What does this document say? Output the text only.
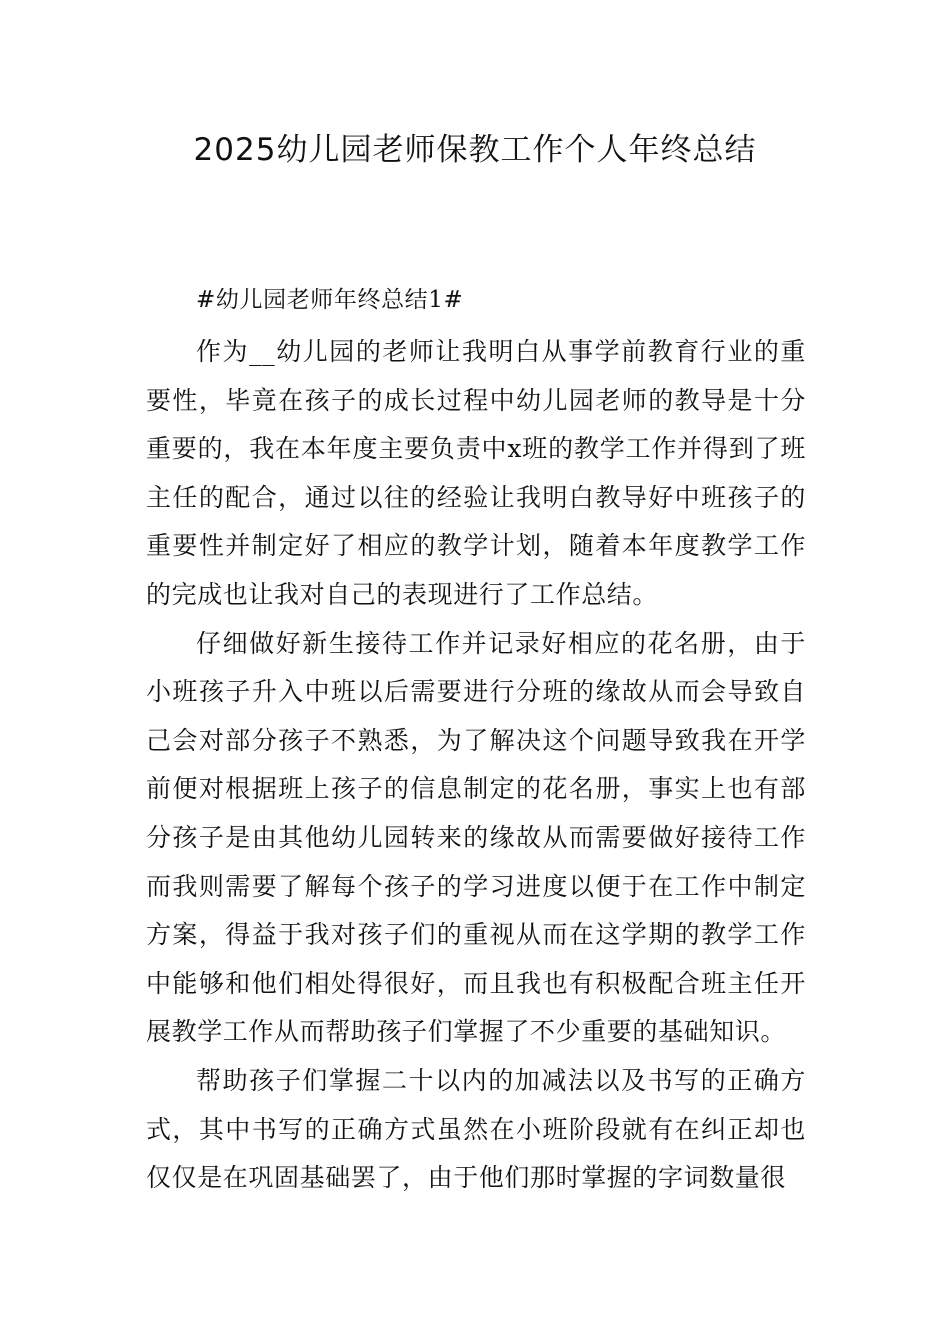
2025幼儿园老师保教工作个人年终总结

#幼儿园老师年终总结1#

作为__幼儿园的老师让我明白从事学前教育行业的重要性，毕竟在孩子的成长过程中幼儿园老师的教导是十分重要的，我在本年度主要负责中x班的教学工作并得到了班主任的配合，通过以往的经验让我明白教导好中班孩子的重要性并制定好了相应的教学计划，随着本年度教学工作的完成也让我对自己的表现进行了工作总结。

仔细做好新生接待工作并记录好相应的花名册，由于小班孩子升入中班以后需要进行分班的缘故从而会导致自己会对部分孩子不熟悉，为了解决这个问题导致我在开学前便对根据班上孩子的信息制定的花名册，事实上也有部分孩子是由其他幼儿园转来的缘故从而需要做好接待工作而我则需要了解每个孩子的学习进度以便于在工作中制定方案，得益于我对孩子们的重视从而在这学期的教学工作中能够和他们相处得很好，而且我也有积极配合班主任开展教学工作从而帮助孩子们掌握了不少重要的基础知识。

帮助孩子们掌握二十以内的加减法以及书写的正确方式，其中书写的正确方式虽然在小班阶段就有在纠正却也仅仅是在巩固基础罢了，由于他们那时掌握的字词数量很
